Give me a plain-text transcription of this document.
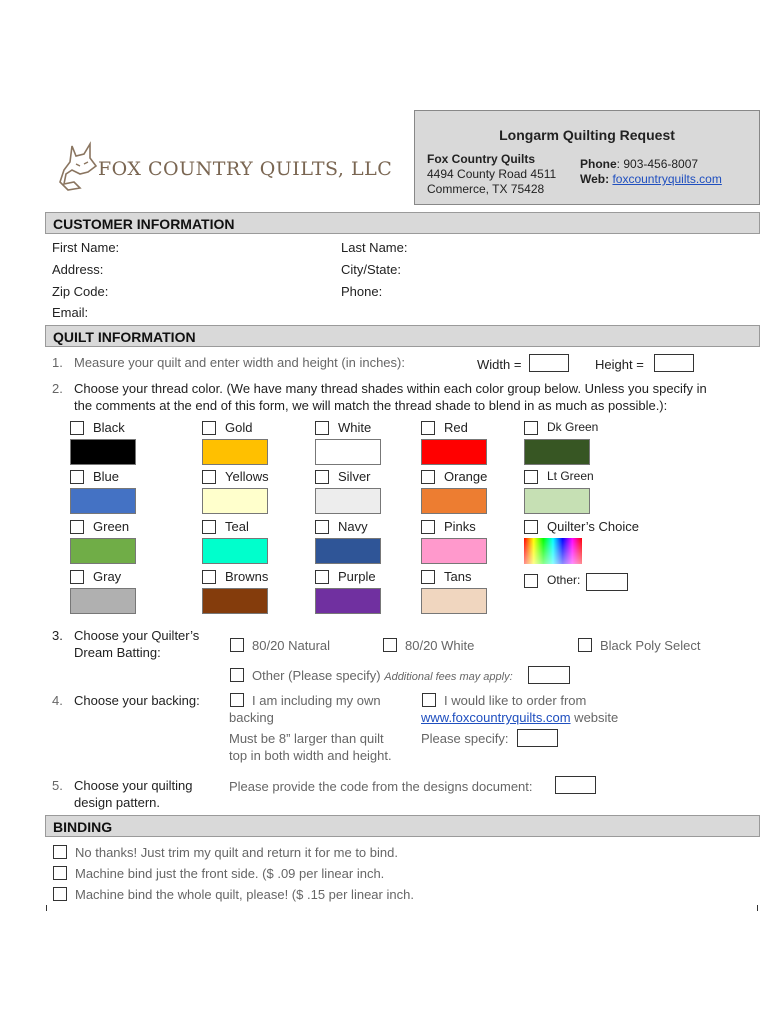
FOX COUNTRY QUILTS, LLC
Longarm Quilting Request
Fox Country Quilts
4494 County Road 4511
Commerce, TX 75428
Phone: 903-456-8007
Web: foxcountryquilts.com
CUSTOMER INFORMATION
First Name:	Last Name:
Address:	City/State:
Zip Code:	Phone:
Email:
QUILT INFORMATION
1. Measure your quilt and enter width and height (in inches):	Width =	Height =
2. Choose your thread color. (We have many thread shades within each color group below. Unless you specify in
the comments at the end of this form, we will match the thread shade to blend in as much as possible.):
Black	Gold	White	Red	Dk Green
Blue	Yellows	Silver	Orange	Lt Green
Green	Teal	Navy	Pinks	Quilter’s Choice
Gray	Browns	Purple	Tans	Other:
3. Choose your Quilter’s
Dream Batting:	80/20 Natural	80/20 White	Black Poly Select
Other (Please specify) Additional fees may apply:
4. Choose your backing:	I am including my own
backing
Must be 8” larger than quilt
top in both width and height.
I would like to order from
www.foxcountryquilts.com website
Please specify:
5. Choose your quilting
design pattern.
Please provide the code from the designs document:
BINDING
No thanks! Just trim my quilt and return it for me to bind.
Machine bind just the front side. ($ .09 per linear inch.
Machine bind the whole quilt, please! ($ .15 per linear inch.
